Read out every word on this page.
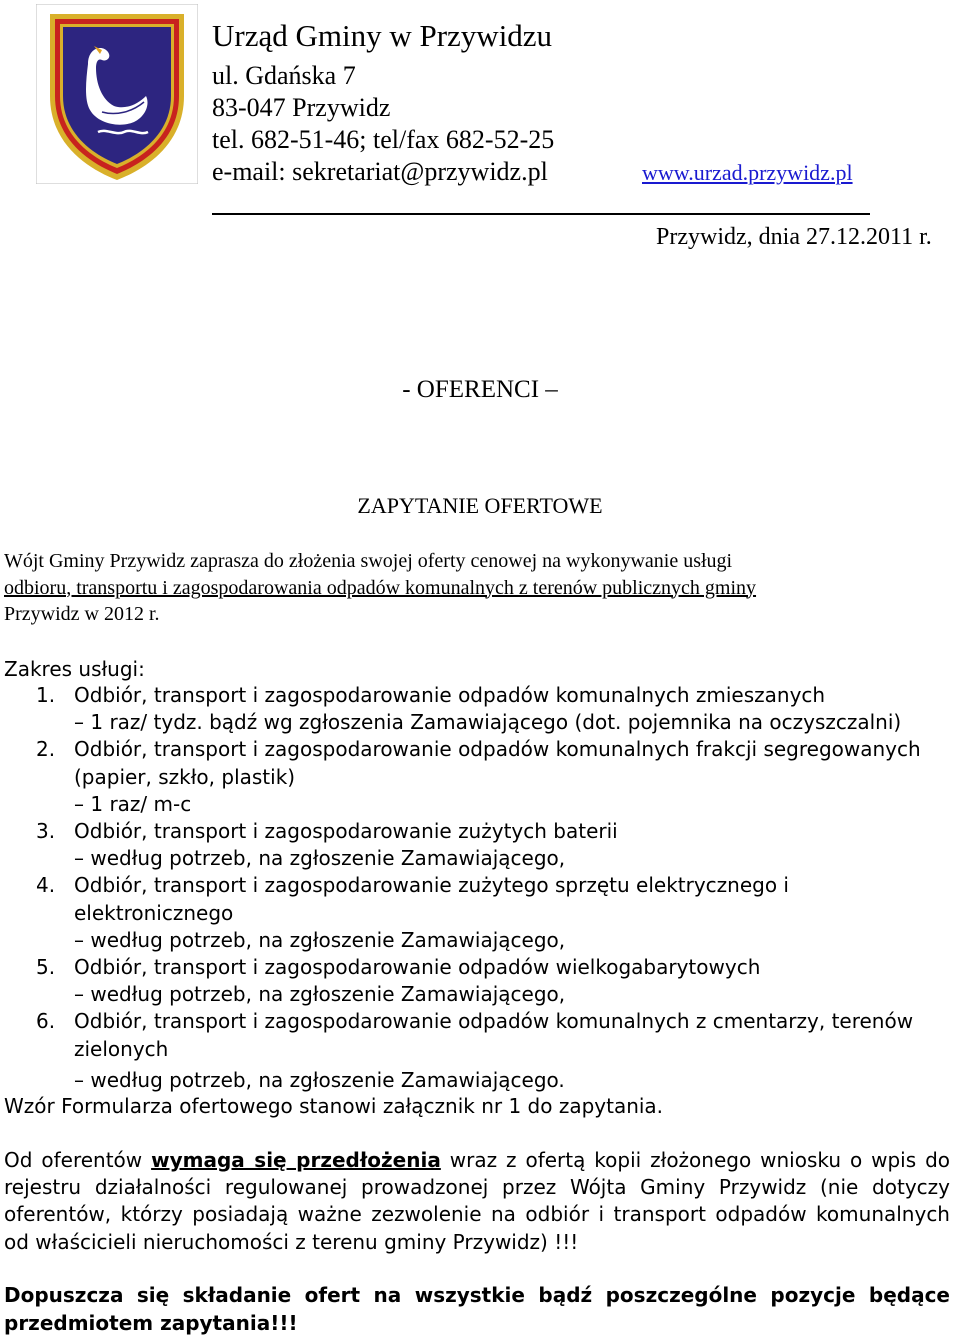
Urząd Gminy w Przywidzu
ul. Gdańska 7
83-047 Przywidz
tel. 682-51-46; tel/fax 682-52-25
e-mail: sekretariat@przywidz.pl	www.urzad.przywidz.pl
Przywidz, dnia 27.12.2011 r.
- OFERENCI –
ZAPYTANIE OFERTOWE
Wójt Gminy Przywidz zaprasza do złożenia swojej oferty cenowej na wykonywanie usługi
odbioru, transportu i zagospodarowania odpadów komunalnych z terenów publicznych gminy
Przywidz w 2012 r.
Zakres usługi:
1. Odbiór, transport i zagospodarowanie odpadów komunalnych zmieszanych
– 1 raz/ tydz. bądź wg zgłoszenia Zamawiającego (dot. pojemnika na oczyszczalni)
2. Odbiór, transport i zagospodarowanie odpadów komunalnych frakcji segregowanych
(papier, szkło, plastik)
– 1 raz/ m-c
3. Odbiór, transport i zagospodarowanie zużytych baterii
– według potrzeb, na zgłoszenie Zamawiającego,
4. Odbiór, transport i zagospodarowanie zużytego sprzętu elektrycznego i elektronicznego
– według potrzeb, na zgłoszenie Zamawiającego,
5. Odbiór, transport i zagospodarowanie odpadów wielkogabarytowych
– według potrzeb, na zgłoszenie Zamawiającego,
6. Odbiór, transport i zagospodarowanie odpadów komunalnych z cmentarzy, terenów
zielonych
– według potrzeb, na zgłoszenie Zamawiającego.
Wzór Formularza ofertowego stanowi załącznik nr 1 do zapytania.
Od oferentów wymaga się przedłożenia wraz z ofertą kopii złożonego wniosku o wpis do rejestru działalności regulowanej prowadzonej przez Wójta Gminy Przywidz (nie dotyczy oferentów, którzy posiadają ważne zezwolenie na odbiór i transport odpadów komunalnych od właścicieli nieruchomości z terenu gminy Przywidz) !!!
Dopuszcza się składanie ofert na wszystkie bądź poszczególne pozycje będące przedmiotem zapytania!!!
